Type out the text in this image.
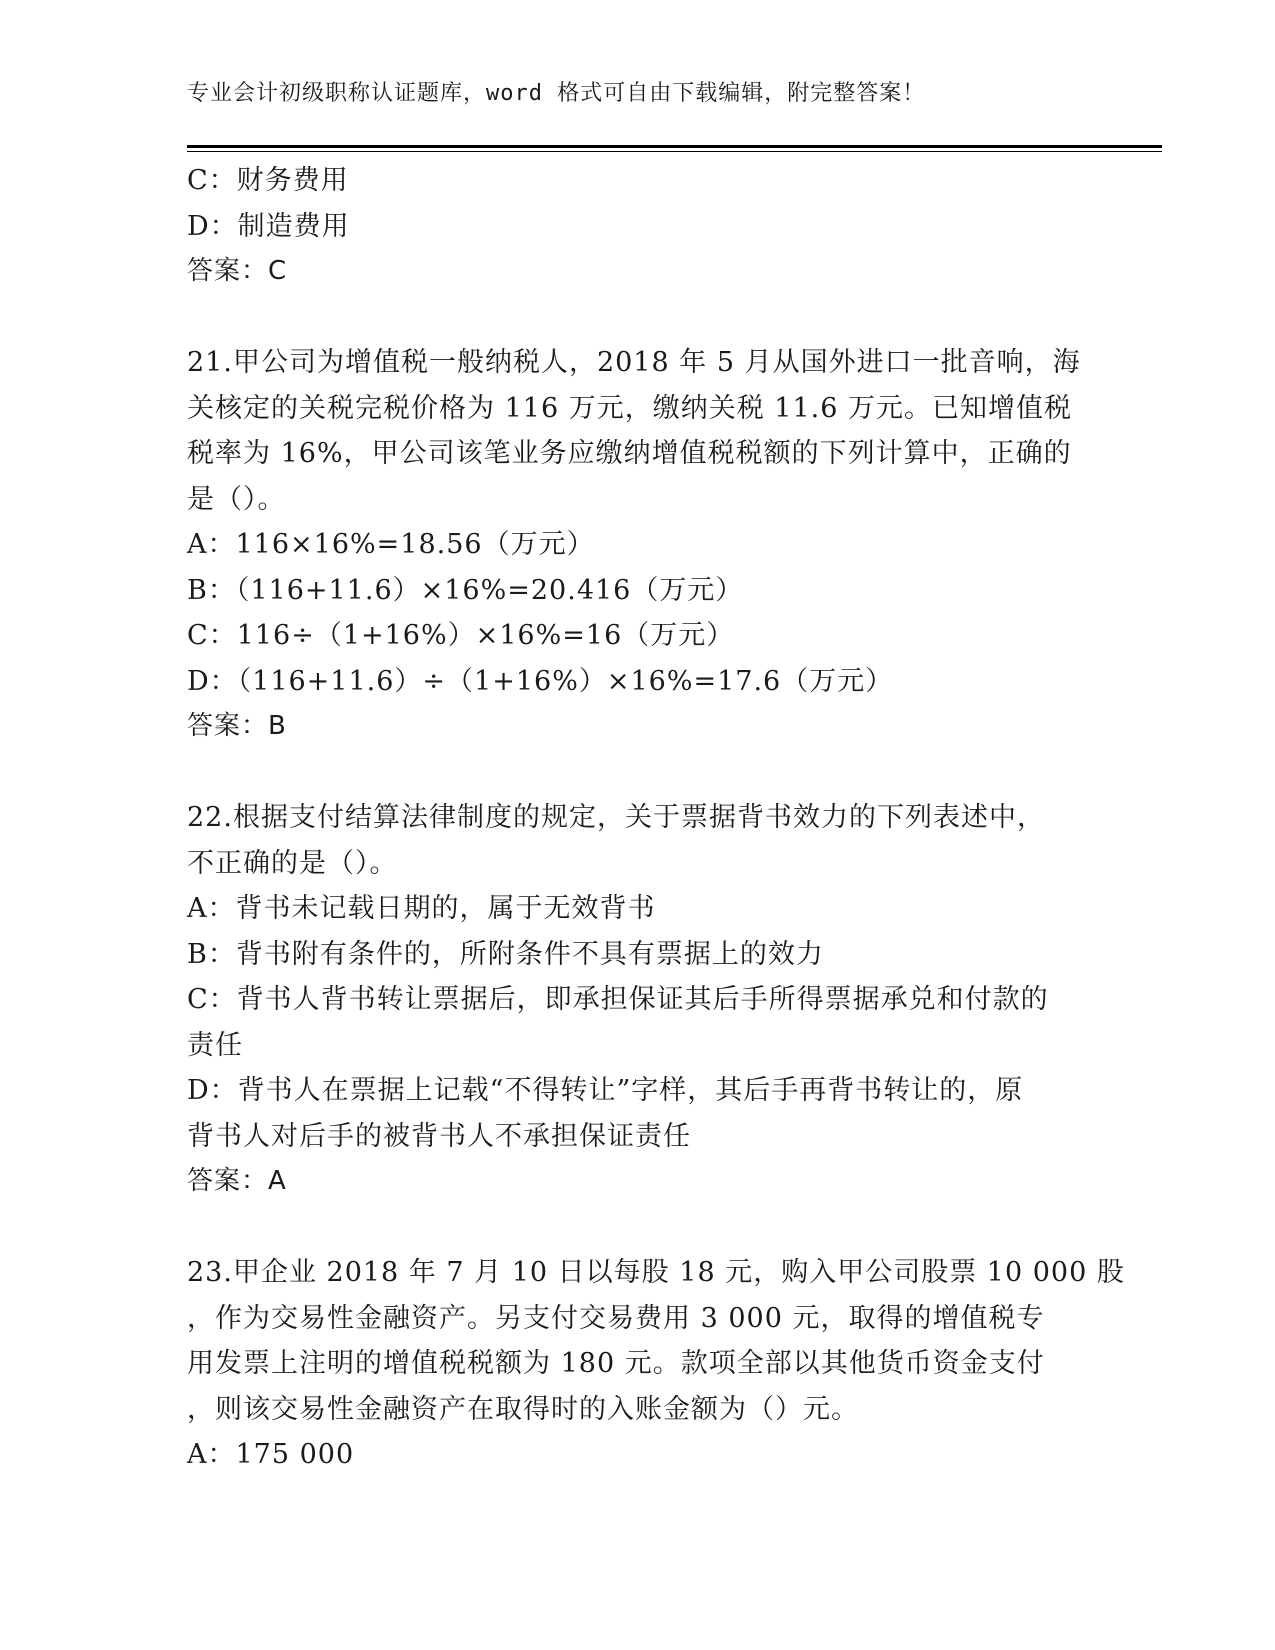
专业会计初级职称认证题库，word 格式可自由下载编辑，附完整答案！
C：财务费用
D：制造费用
答案：C
21.甲公司为增值税一般纳税人，2018 年 5 月从国外进口一批音响，海
关核定的关税完税价格为 116 万元，缴纳关税 11.6 万元。已知增值税
税率为 16%，甲公司该笔业务应缴纳增值税税额的下列计算中，正确的
是（）。
A：116×16%=18.56（万元）
B：（116+11.6）×16%=20.416（万元）
C：116÷（1+16%）×16%=16（万元）
D：（116+11.6）÷（1+16%）×16%=17.6（万元）
答案：B
22.根据支付结算法律制度的规定，关于票据背书效力的下列表述中，
不正确的是（）。
A：背书未记载日期的，属于无效背书
B：背书附有条件的，所附条件不具有票据上的效力
C：背书人背书转让票据后，即承担保证其后手所得票据承兑和付款的
责任
D：背书人在票据上记载“不得转让”字样，其后手再背书转让的，原
背书人对后手的被背书人不承担保证责任
答案：A
23.甲企业 2018 年 7 月 10 日以每股 18 元，购入甲公司股票 10 000 股
，作为交易性金融资产。另支付交易费用 3 000 元，取得的增值税专
用发票上注明的增值税税额为 180 元。款项全部以其他货币资金支付
，则该交易性金融资产在取得时的入账金额为（）元。
A：175 000
